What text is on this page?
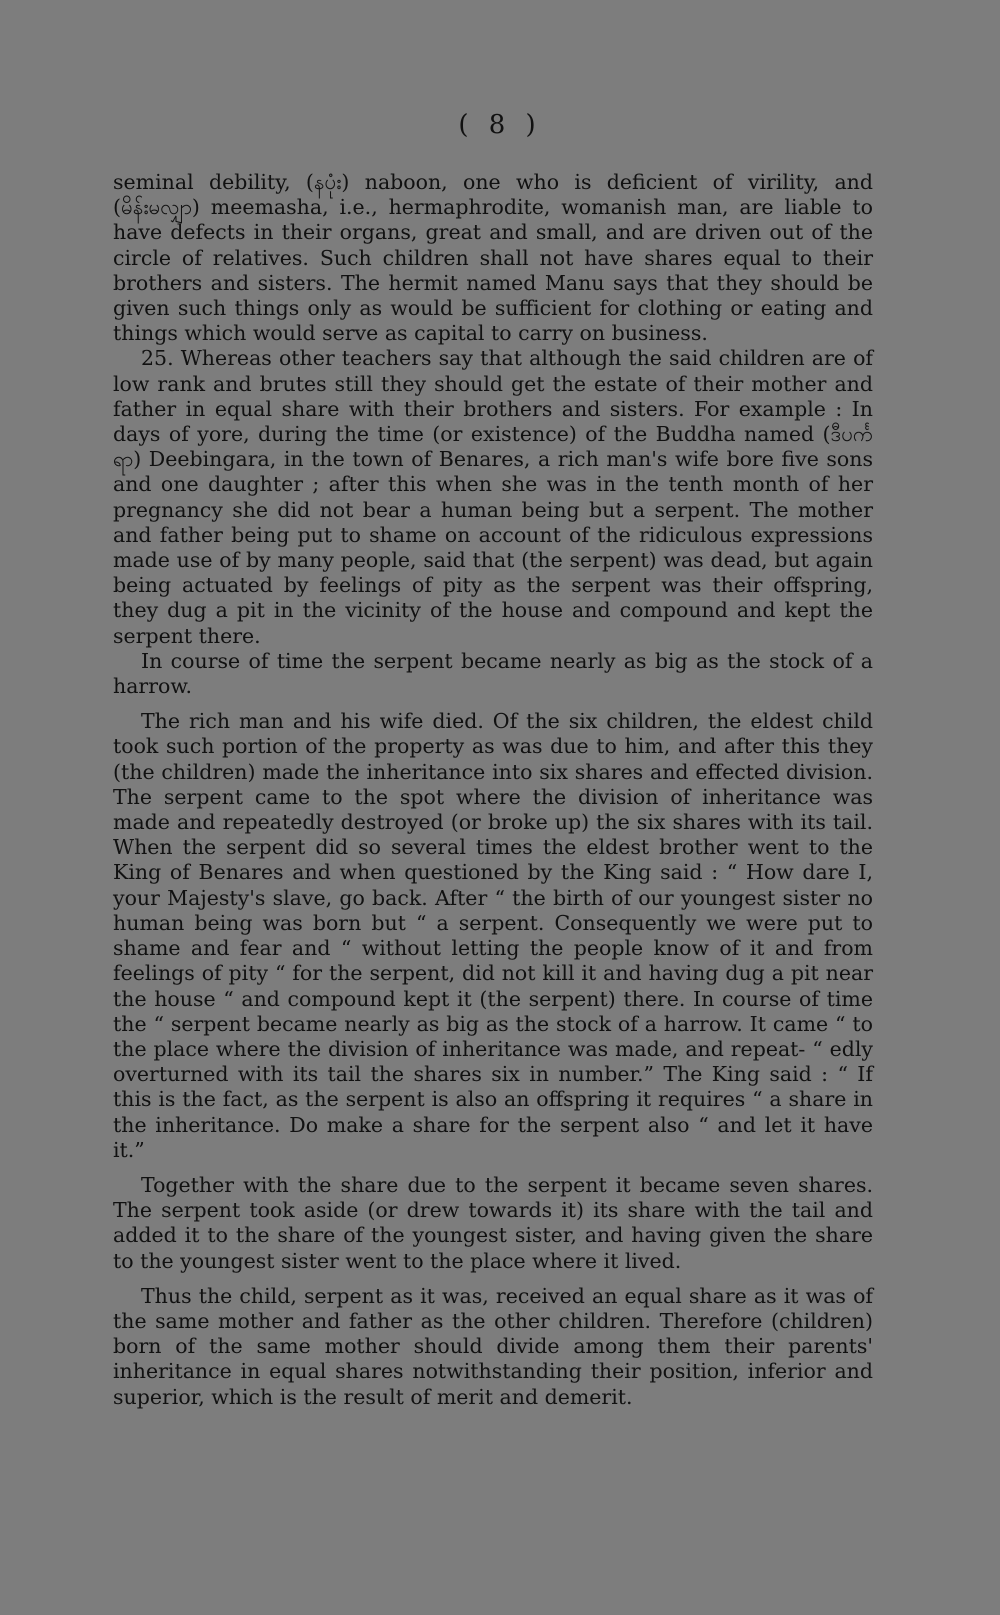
( 8 )

seminal debility, (နပုံး) naboon, one who is deficient of virility, and (မိန်းမလျှာ) meemasha, i.e., hermaphrodite, womanish man, are liable to have defects in their organs, great and small, and are driven out of the circle of relatives. Such children shall not have shares equal to their brothers and sisters. The hermit named Manu says that they should be given such things only as would be sufficient for clothing or eating and things which would serve as capital to carry on business.

25. Whereas other teachers say that although the said children are of low rank and brutes still they should get the estate of their mother and father in equal share with their brothers and sisters. For example : In days of yore, during the time (or existence) of the Buddha named (ဒီပင်္ကရာ) Deebingara, in the town of Benares, a rich man's wife bore five sons and one daughter ; after this when she was in the tenth month of her pregnancy she did not bear a human being but a serpent. The mother and father being put to shame on account of the ridiculous expressions made use of by many people, said that (the serpent) was dead, but again being actuated by feelings of pity as the serpent was their offspring, they dug a pit in the vicinity of the house and compound and kept the serpent there.

In course of time the serpent became nearly as big as the stock of a harrow.

The rich man and his wife died. Of the six children, the eldest child took such portion of the property as was due to him, and after this they (the children) made the inheritance into six shares and effected division. The serpent came to the spot where the division of inheritance was made and repeatedly destroyed (or broke up) the six shares with its tail. When the serpent did so several times the eldest brother went to the King of Benares and when questioned by the King said : “ How dare I, your Majesty's slave, go back. After “ the birth of our youngest sister no human being was born but “ a serpent. Consequently we were put to shame and fear and “ without letting the people know of it and from feelings of pity “ for the serpent, did not kill it and having dug a pit near the house “ and compound kept it (the serpent) there. In course of time the “ serpent became nearly as big as the stock of a harrow. It came “ to the place where the division of inheritance was made, and repeat- “ edly overturned with its tail the shares six in number.” The King said : “ If this is the fact, as the serpent is also an offspring it requires “ a share in the inheritance. Do make a share for the serpent also “ and let it have it.”

Together with the share due to the serpent it became seven shares. The serpent took aside (or drew towards it) its share with the tail and added it to the share of the youngest sister, and having given the share to the youngest sister went to the place where it lived.

Thus the child, serpent as it was, received an equal share as it was of the same mother and father as the other children. Therefore (children) born of the same mother should divide among them their parents' inheritance in equal shares notwithstanding their position, inferior and superior, which is the result of merit and demerit.
